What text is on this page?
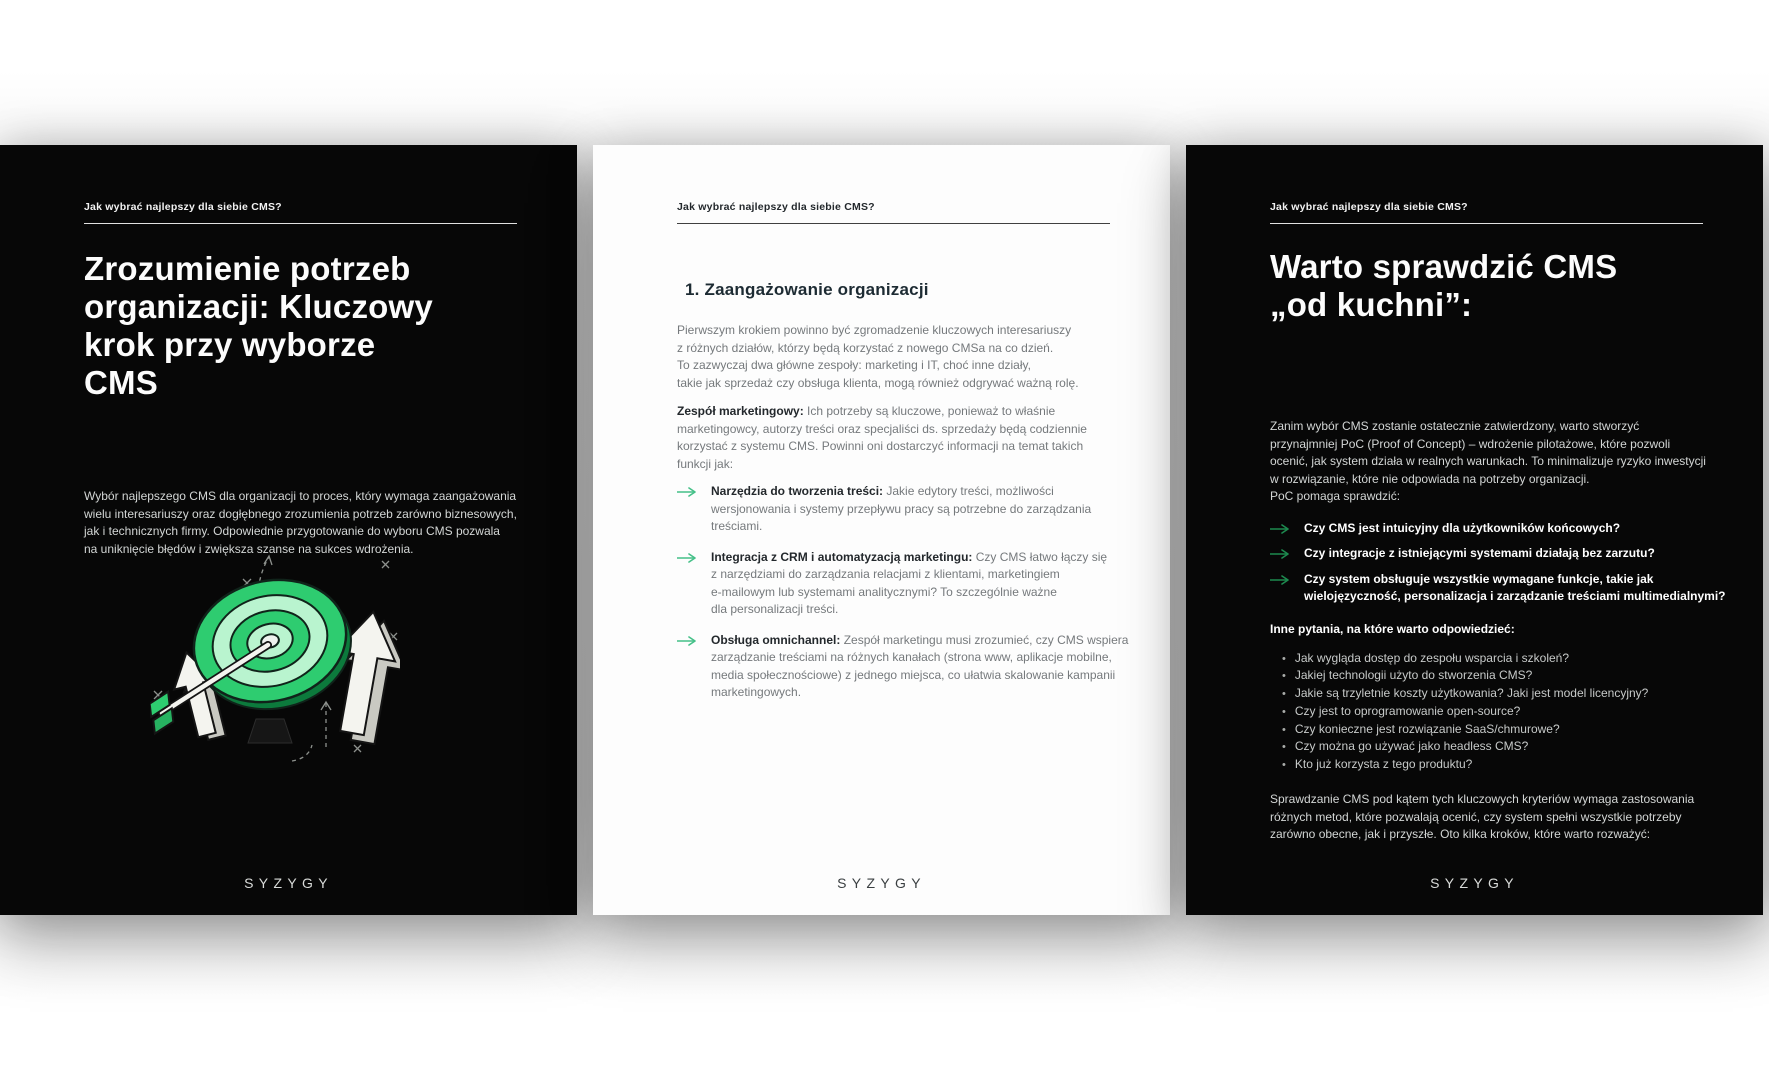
Jak wybrać najlepszy dla siebie CMS?
Zrozumienie potrzeb
organizacji: Kluczowy
krok przy wyborze
CMS
Wybór najlepszego CMS dla organizacji to proces, który wymaga zaangażowania
wielu interesariuszy oraz dogłębnego zrozumienia potrzeb zarówno biznesowych,
jak i technicznych firmy. Odpowiednie przygotowanie do wyboru CMS pozwala
na uniknięcie błędów i zwiększa szanse na sukces wdrożenia.
SYZYGY
Jak wybrać najlepszy dla siebie CMS?
1. Zaangażowanie organizacji
Pierwszym krokiem powinno być zgromadzenie kluczowych interesariuszy
z różnych działów, którzy będą korzystać z nowego CMSa na co dzień.
To zazwyczaj dwa główne zespoły: marketing i IT, choć inne działy,
takie jak sprzedaż czy obsługa klienta, mogą również odgrywać ważną rolę.
Zespół marketingowy: Ich potrzeby są kluczowe, ponieważ to właśnie
marketingowcy, autorzy treści oraz specjaliści ds. sprzedaży będą codziennie
korzystać z systemu CMS. Powinni oni dostarczyć informacji na temat takich
funkcji jak:
Narzędzia do tworzenia treści: Jakie edytory treści, możliwości
wersjonowania i systemy przepływu pracy są potrzebne do zarządzania
treściami.
Integracja z CRM i automatyzacją marketingu: Czy CMS łatwo łączy się
z narzędziami do zarządzania relacjami z klientami, marketingiem
e-mailowym lub systemami analitycznymi? To szczególnie ważne
dla personalizacji treści.
Obsługa omnichannel: Zespół marketingu musi zrozumieć, czy CMS wspiera
zarządzanie treściami na różnych kanałach (strona www, aplikacje mobilne,
media społecznościowe) z jednego miejsca, co ułatwia skalowanie kampanii
marketingowych.
SYZYGY
Jak wybrać najlepszy dla siebie CMS?
Warto sprawdzić CMS
„od kuchni”:
Zanim wybór CMS zostanie ostatecznie zatwierdzony, warto stworzyć
przynajmniej PoC (Proof of Concept) – wdrożenie pilotażowe, które pozwoli
ocenić, jak system działa w realnych warunkach. To minimalizuje ryzyko inwestycji
w rozwiązanie, które nie odpowiada na potrzeby organizacji.
PoC pomaga sprawdzić:
Czy CMS jest intuicyjny dla użytkowników końcowych?
Czy integracje z istniejącymi systemami działają bez zarzutu?
Czy system obsługuje wszystkie wymagane funkcje, takie jak
wielojęzyczność, personalizacja i zarządzanie treściami multimedialnymi?
Inne pytania, na które warto odpowiedzieć:
• Jak wygląda dostęp do zespołu wsparcia i szkoleń?
• Jakiej technologii użyto do stworzenia CMS?
• Jakie są trzyletnie koszty użytkowania? Jaki jest model licencyjny?
• Czy jest to oprogramowanie open-source?
• Czy konieczne jest rozwiązanie SaaS/chmurowe?
• Czy można go używać jako headless CMS?
• Kto już korzysta z tego produktu?
Sprawdzanie CMS pod kątem tych kluczowych kryteriów wymaga zastosowania
różnych metod, które pozwalają ocenić, czy system spełni wszystkie potrzeby
zarówno obecne, jak i przyszłe. Oto kilka kroków, które warto rozważyć:
SYZYGY
